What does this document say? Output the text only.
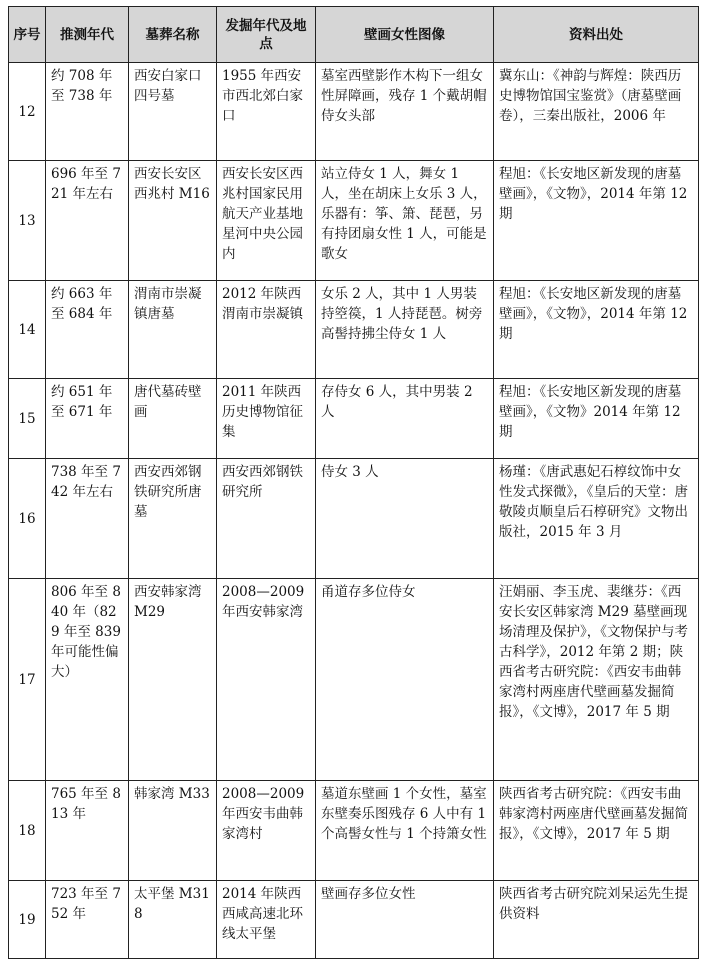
序号	推测年代	墓葬名称	发掘年代及地点	壁画女性图像	资料出处
12	约 708 年至 738 年	西安白家口四号墓	1955 年西安市西北郊白家口	墓室西壁影作木构下一组女性屏障画，残存 1 个戴胡帽侍女头部	冀东山：《神韵与辉煌：陕西历史博物馆国宝鉴赏》（唐墓壁画卷），三秦出版社，2006 年
13	696 年至 721 年左右	西安长安区西兆村 M16	西安长安区西兆村国家民用航天产业基地星河中央公园内	站立侍女 1 人，舞女 1 人，坐在胡床上女乐 3 人，乐器有：筝、箫、琵琶，另有持团扇女性 1 人，可能是歌女	程旭：《长安地区新发现的唐墓壁画》，《文物》，2014 年第 12 期
14	约 663 年至 684 年	渭南市崇凝镇唐墓	2012 年陕西渭南市崇凝镇	女乐 2 人，其中 1 人男装持箜篌，1 人持琵琶。树旁高髻持拂尘侍女 1 人	程旭：《长安地区新发现的唐墓壁画》，《文物》，2014 年第 12 期
15	约 651 年至 671 年	唐代墓砖壁画	2011 年陕西历史博物馆征集	存侍女 6 人，其中男装 2 人	程旭：《长安地区新发现的唐墓壁画》，《文物》2014 年第 12 期
16	738 年至 742 年左右	西安西郊钢铁研究所唐墓	西安西郊钢铁研究所	侍女 3 人	杨瑾：《唐武惠妃石椁纹饰中女性发式探微》，《皇后的天堂：唐敬陵贞顺皇后石椁研究》文物出版社，2015 年 3 月
17	806 年至 840 年（829 年至 839 年可能性偏大）	西安韩家湾 M29	2008—2009 年西安韩家湾	甬道存多位侍女	汪娟丽、李玉虎、裴继芬：《西安长安区韩家湾 M29 墓壁画现场清理及保护》，《文物保护与考古科学》，2012 年第 2 期；陕西省考古研究院：《西安韦曲韩家湾村两座唐代壁画墓发掘简报》，《文博》，2017 年 5 期
18	765 年至 813 年	韩家湾 M33	2008—2009 年西安韦曲韩家湾村	墓道东壁画 1 个女性，墓室东壁奏乐图残存 6 人中有 1 个高髻女性与 1 个持箫女性	陕西省考古研究院：《西安韦曲韩家湾村两座唐代壁画墓发掘简报》，《文博》，2017 年 5 期
19	723 年至 752 年	太平堡 M318	2014 年陕西西咸高速北环线太平堡	壁画存多位女性	陕西省考古研究院刘呆运先生提供资料
